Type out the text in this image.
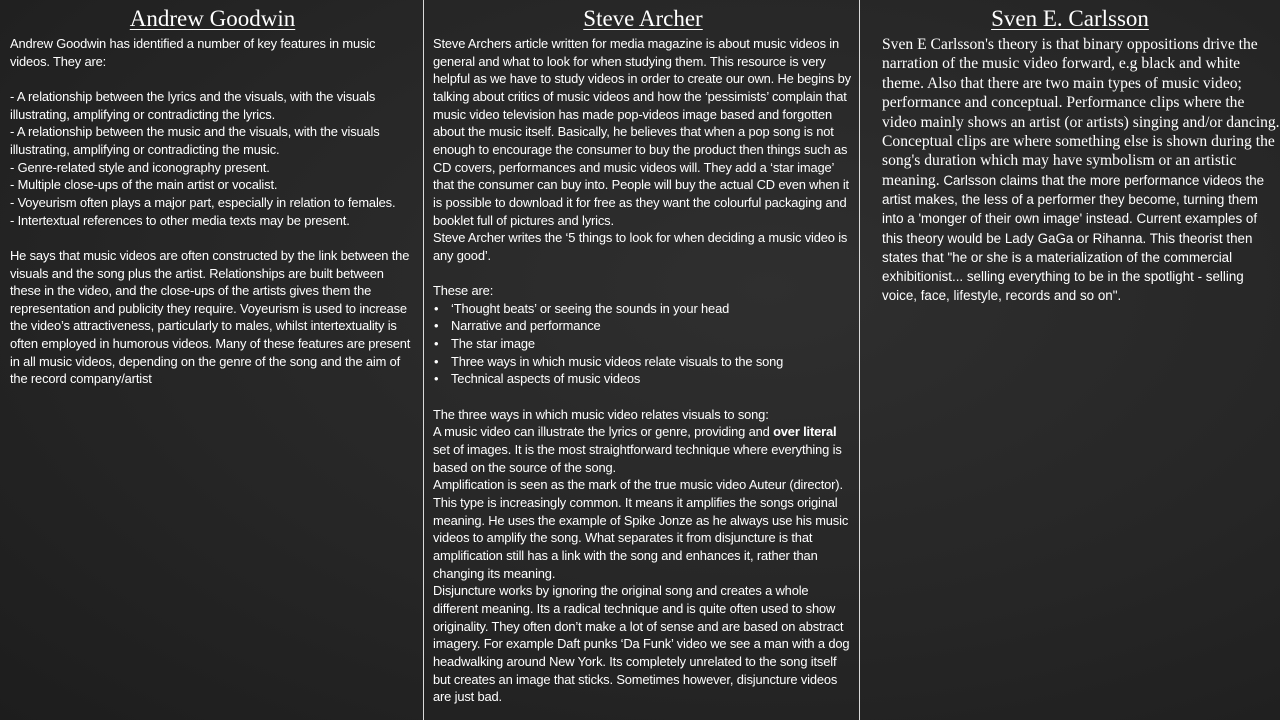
Andrew Goodwin

Andrew Goodwin has identified a number of key features in music videos. They are:

- A relationship between the lyrics and the visuals, with the visuals illustrating, amplifying or contradicting the lyrics.

- A relationship between the music and the visuals, with the visuals illustrating, amplifying or contradicting the music.

- Genre-related style and iconography present.

- Multiple close-ups of the main artist or vocalist.

- Voyeurism often plays a major part, especially in relation to females.

- Intertextual references to other media texts may be present.

He says that music videos are often constructed by the link between the visuals and the song plus the artist. Relationships are built between these in the video, and the close-ups of the artists gives them the representation and publicity they require. Voyeurism is used to increase the video’s attractiveness, particularly to males, whilst intertextuality is often employed in humorous videos. Many of these features are present in all music videos, depending on the genre of the song and the aim of the record company/artist

Steve Archer

Steve Archers article written for media magazine is about music videos in general and what to look for when studying them. This resource is very helpful as we have to study videos in order to create our own. He begins by talking about critics of music videos and how the ‘pessimists’ complain that music video television has made pop-videos image based and forgotten about the music itself. Basically, he believes that when a pop song is not enough to encourage the consumer to buy the product then things such as CD covers, performances and music videos will. They add a ‘star image’ that the consumer can buy into. People will buy the actual CD even when it is possible to download it for free as they want the colourful packaging and booklet full of pictures and lyrics.

Steve Archer writes the ‘5 things to look for when deciding a music video is any good’.

These are:

• ‘Thought beats’ or seeing the sounds in your head
• Narrative and performance
• The star image
• Three ways in which music videos relate visuals to the song
• Technical aspects of music videos

The three ways in which music video relates visuals to song:

A music video can illustrate the lyrics or genre, providing and over literal set of images. It is the most straightforward technique where everything is based on the source of the song.

Amplification is seen as the mark of the true music video Auteur (director). This type is increasingly common. It means it amplifies the songs original meaning. He uses the example of Spike Jonze as he always use his music videos to amplify the song. What separates it from disjuncture is that amplification still has a link with the song and enhances it, rather than changing its meaning.

Disjuncture works by ignoring the original song and creates a whole different meaning. Its a radical technique and is quite often used to show originality. They often don’t make a lot of sense and are based on abstract imagery. For example Daft punks ‘Da Funk’ video we see a man with a dog headwalking around New York. Its completely unrelated to the song itself but creates an image that sticks. Sometimes however, disjuncture videos are just bad.

Sven E. Carlsson

Sven E Carlsson's theory is that binary oppositions drive the narration of the music video forward, e.g black and white theme. Also that there are two main types of music video; performance and conceptual. Performance clips where the video mainly shows an artist (or artists) singing and/or dancing. Conceptual clips are where something else is shown during the song's duration which may have symbolism or an artistic meaning. Carlsson claims that the more performance videos the artist makes, the less of a performer they become, turning them into a 'monger of their own image' instead. Current examples of this theory would be Lady GaGa or Rihanna. This theorist then states that "he or she is a materialization of the commercial exhibitionist... selling everything to be in the spotlight - selling voice, face, lifestyle, records and so on".
